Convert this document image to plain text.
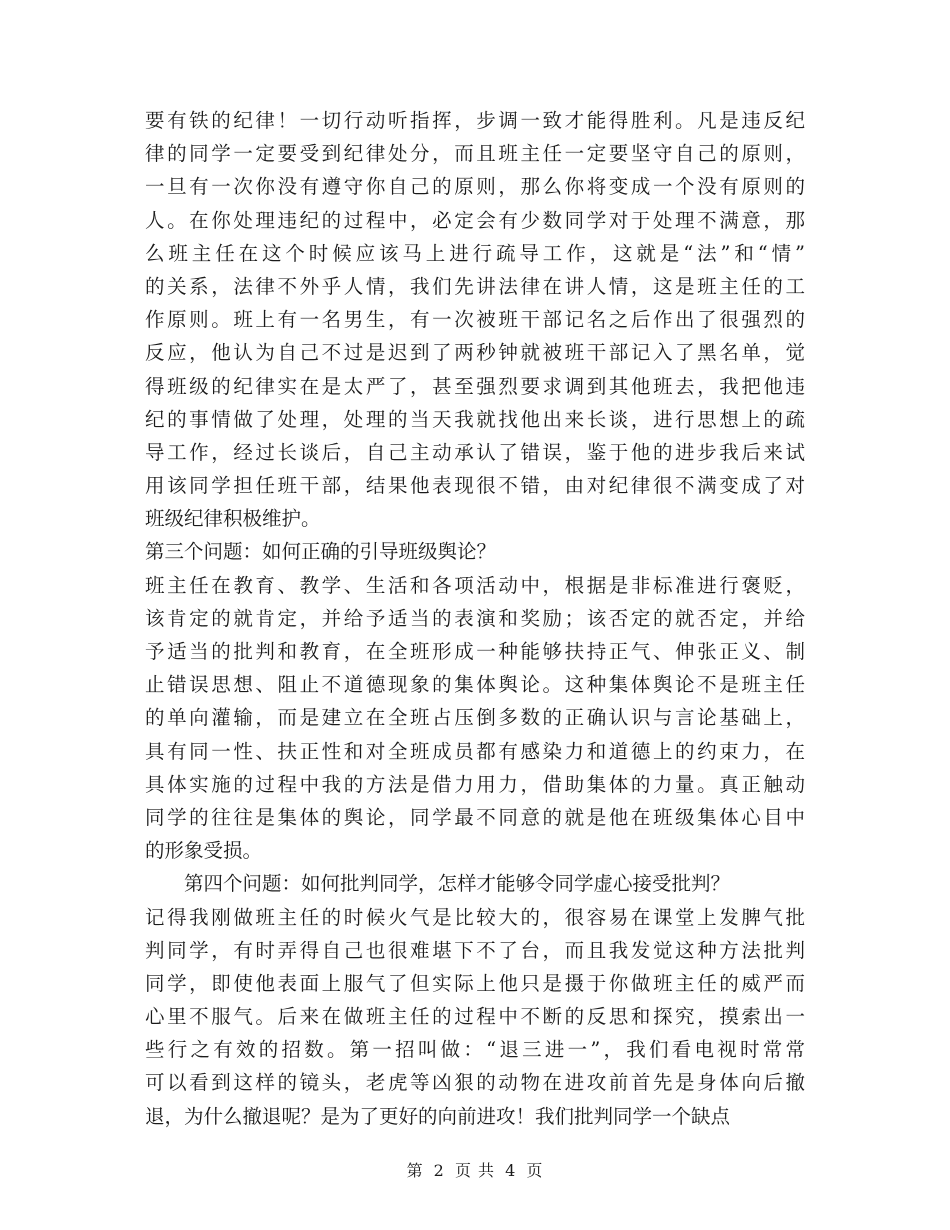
要有铁的纪律！一切行动听指挥，步调一致才能得胜利。凡是违反纪
律的同学一定要受到纪律处分，而且班主任一定要坚守自己的原则，
一旦有一次你没有遵守你自己的原则，那么你将变成一个没有原则的
人。在你处理违纪的过程中，必定会有少数同学对于处理不满意，那
么班主任在这个时候应该马上进行疏导工作，这就是“法”和“情”
的关系，法律不外乎人情，我们先讲法律在讲人情，这是班主任的工
作原则。班上有一名男生，有一次被班干部记名之后作出了很强烈的
反应，他认为自己不过是迟到了两秒钟就被班干部记入了黑名单，觉
得班级的纪律实在是太严了，甚至强烈要求调到其他班去，我把他违
纪的事情做了处理，处理的当天我就找他出来长谈，进行思想上的疏
导工作，经过长谈后，自己主动承认了错误，鉴于他的进步我后来试
用该同学担任班干部，结果他表现很不错，由对纪律很不满变成了对
班级纪律积极维护。
第三个问题：如何正确的引导班级舆论？
班主任在教育、教学、生活和各项活动中，根据是非标准进行褒贬，
该肯定的就肯定，并给予适当的表演和奖励；该否定的就否定，并给
予适当的批判和教育，在全班形成一种能够扶持正气、伸张正义、制
止错误思想、阻止不道德现象的集体舆论。这种集体舆论不是班主任
的单向灌输，而是建立在全班占压倒多数的正确认识与言论基础上，
具有同一性、扶正性和对全班成员都有感染力和道德上的约束力，在
具体实施的过程中我的方法是借力用力，借助集体的力量。真正触动
同学的往往是集体的舆论，同学最不同意的就是他在班级集体心目中
的形象受损。
第四个问题：如何批判同学，怎样才能够令同学虚心接受批判？
记得我刚做班主任的时候火气是比较大的，很容易在课堂上发脾气批
判同学，有时弄得自己也很难堪下不了台，而且我发觉这种方法批判
同学，即使他表面上服气了但实际上他只是摄于你做班主任的威严而
心里不服气。后来在做班主任的过程中不断的反思和探究，摸索出一
些行之有效的招数。第一招叫做：“退三进一”，我们看电视时常常
可以看到这样的镜头，老虎等凶狠的动物在进攻前首先是身体向后撤
退，为什么撤退呢？是为了更好的向前进攻！我们批判同学一个缺点
第 2 页 共 4 页
